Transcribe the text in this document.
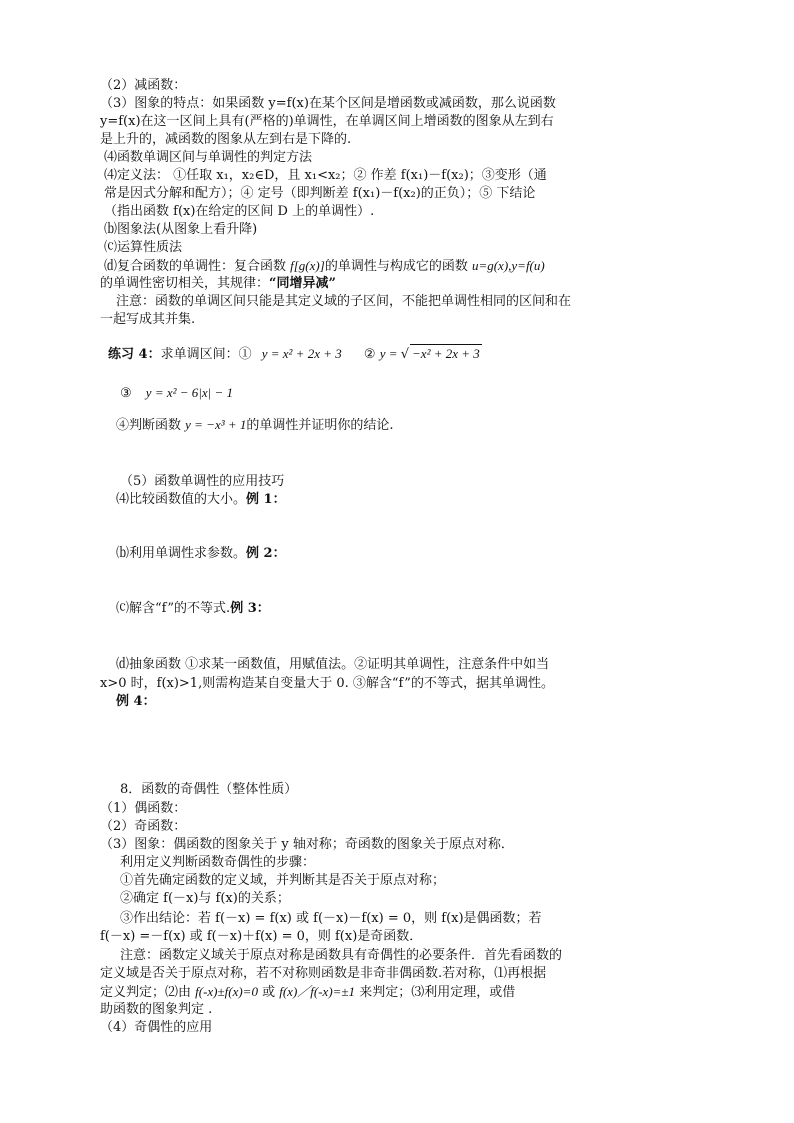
（2）减函数：
（3）图象的特点：如果函数 y=f(x)在某个区间是增函数或减函数，那么说函数
y=f(x)在这一区间上具有(严格的)单调性，在单调区间上增函数的图象从左到右
是上升的，减函数的图象从左到右是下降的.
⑷函数单调区间与单调性的判定方法
⑷定义法： ①任取 x₁，x₂∈D，且 x₁<x₂；② 作差 f(x₁)－f(x₂)；③变形（通
常是因式分解和配方）；④ 定号（即判断差 f(x₁)－f(x₂)的正负）；⑤ 下结论
（指出函数 f(x)在给定的区间 D 上的单调性）.
⒝图象法(从图象上看升降)
⒞运算性质法
⒟复合函数的单调性：复合函数 f[g(x)]的单调性与构成它的函数 u=g(x),y=f(u)
的单调性密切相关，其规律：“同增异减”
注意：函数的单调区间只能是其定义域的子区间，不能把单调性相同的区间和在
一起写成其并集.
练习 4：求单调区间：① y = x² + 2x + 3 ② y = √ −x² + 2x + 3
③ y = x² − 6|x| − 1
④判断函数 y = −x³ + 1的单调性并证明你的结论.
（5）函数单调性的应用技巧
⑷比较函数值的大小。例 1：
⒝利用单调性求参数。例 2：
⒞解含“f”的不等式.例 3：
⒟抽象函数 ①求某一函数值，用赋值法。②证明其单调性，注意条件中如当
x>0 时，f(x)>1,则需构造某自变量大于 0. ③解含“f”的不等式，据其单调性。
例 4：
8．函数的奇偶性（整体性质）
（1）偶函数：
（2）奇函数：
（3）图象：偶函数的图象关于 y 轴对称；奇函数的图象关于原点对称．
利用定义判断函数奇偶性的步骤：
①首先确定函数的定义域，并判断其是否关于原点对称；
②确定 f(－x)与 f(x)的关系；
③作出结论：若 f(－x) = f(x) 或 f(－x)－f(x) = 0，则 f(x)是偶函数；若
f(－x) =－f(x) 或 f(－x)＋f(x) = 0，则 f(x)是奇函数．
注意：函数定义域关于原点对称是函数具有奇偶性的必要条件．首先看函数的
定义域是否关于原点对称，若不对称则函数是非奇非偶函数.若对称，⑴再根据
定义判定；⑵由 f(-x)±f(x)=0 或 f(x)／f(-x)=±1 来判定；⑶利用定理，或借
助函数的图象判定 .
（4）奇偶性的应用
